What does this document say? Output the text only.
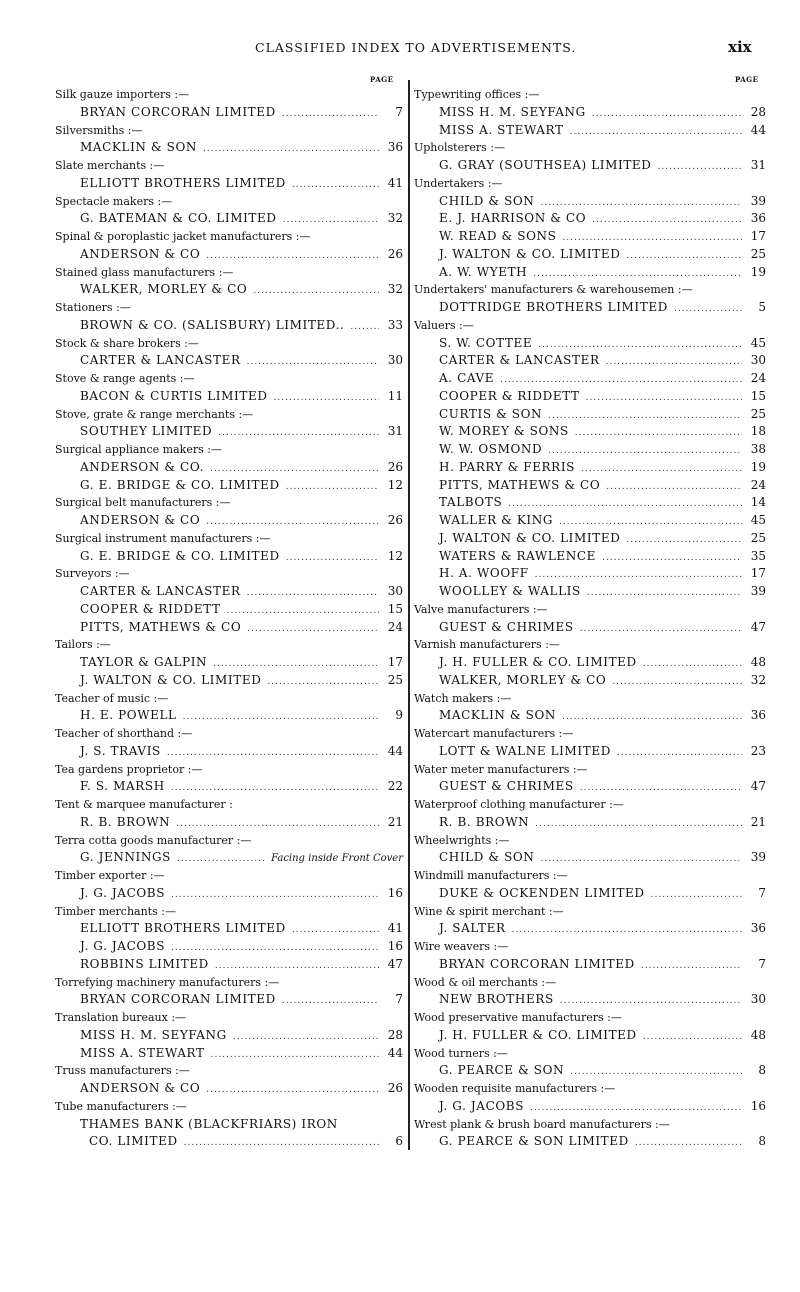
CLASSIFIED INDEX TO ADVERTISEMENTS.	xix
PAGE	PAGE
Silk gauze importers :—
BRYAN CORCORAN LIMITED .....	7
Silversmiths :—
MACKLIN & SON .....	36
Slate merchants :—
ELLIOTT BROTHERS LIMITED .....	41
Spectacle makers :—
G. BATEMAN & CO. LIMITED .....	32
Spinal & poroplastic jacket manufacturers :—
ANDERSON & CO .....	26
Stained glass manufacturers :—
WALKER, MORLEY & CO .....	32
Stationers :—
BROWN & CO. (SALISBURY) LIMITED.. .....	33
Stock & share brokers :—
CARTER & LANCASTER .....	30
Stove & range agents :—
BACON & CURTIS LIMITED .....	11
Stove, grate & range merchants :—
SOUTHEY LIMITED .....	31
Surgical appliance makers :—
ANDERSON & CO. .....	26
G. E. BRIDGE & CO. LIMITED .....	12
Surgical belt manufacturers :—
ANDERSON & CO .....	26
Surgical instrument manufacturers :—
G. E. BRIDGE & CO. LIMITED .....	12
Surveyors :—
CARTER & LANCASTER .....	30
COOPER & RIDDETT .....	15
PITTS, MATHEWS & CO .....	24
Tailors :—
TAYLOR & GALPIN .....	17
J. WALTON & CO. LIMITED .....	25
Teacher of music :—
H. E. POWELL .....	9
Teacher of shorthand :—
J. S. TRAVIS .....	44
Tea gardens proprietor :—
F. S. MARSH .....	22
Tent & marquee manufacturer :
R. B. BROWN .....	21
Terra cotta goods manufacturer :—
G. JENNINGS .....	Facing inside Front Cover
Timber exporter :—
J. G. JACOBS .....	16
Timber merchants :—
ELLIOTT BROTHERS LIMITED .....	41
J. G. JACOBS .....	16
ROBBINS LIMITED .....	47
Torrefying machinery manufacturers :—
BRYAN CORCORAN LIMITED .....	7
Translation bureaux :—
MISS H. M. SEYFANG .....	28
MISS A. STEWART .....	44
Truss manufacturers :—
ANDERSON & CO .....	26
Tube manufacturers :—
THAMES BANK (BLACKFRIARS) IRON
CO. LIMITED .....	6
Typewriting offices :—
MISS H. M. SEYFANG .....	28
MISS A. STEWART .....	44
Upholsterers :—
G. GRAY (SOUTHSEA) LIMITED .....	31
Undertakers :—
CHILD & SON .....	39
E. J. HARRISON & CO .....	36
W. READ & SONS .....	17
J. WALTON & CO. LIMITED .....	25
A. W. WYETH .....	19
Undertakers' manufacturers & warehousemen :—
DOTTRIDGE BROTHERS LIMITED .....	5
Valuers :—
S. W. COTTEE .....	45
CARTER & LANCASTER .....	30
A. CAVE .....	24
COOPER & RIDDETT .....	15
CURTIS & SON .....	25
W. MOREY & SONS .....	18
W. W. OSMOND .....	38
H. PARRY & FERRIS .....	19
PITTS, MATHEWS & CO .....	24
TALBOTS .....	14
WALLER & KING .....	45
J. WALTON & CO. LIMITED .....	25
WATERS & RAWLENCE .....	35
H. A. WOOFF .....	17
WOOLLEY & WALLIS .....	39
Valve manufacturers :—
GUEST & CHRIMES .....	47
Varnish manufacturers :—
J. H. FULLER & CO. LIMITED .....	48
WALKER, MORLEY & CO .....	32
Watch makers :—
MACKLIN & SON .....	36
Watercart manufacturers :—
LOTT & WALNE LIMITED .....	23
Water meter manufacturers :—
GUEST & CHRIMES .....	47
Waterproof clothing manufacturer :—
R. B. BROWN .....	21
Wheelwrights :—
CHILD & SON .....	39
Windmill manufacturers :—
DUKE & OCKENDEN LIMITED .....	7
Wine & spirit merchant :—
J. SALTER .....	36
Wire weavers :—
BRYAN CORCORAN LIMITED .....	7
Wood & oil merchants :—
NEW BROTHERS .....	30
Wood preservative manufacturers :—
J. H. FULLER & CO. LIMITED .....	48
Wood turners :—
G. PEARCE & SON .....	8
Wooden requisite manufacturers :—
J. G. JACOBS .....	16
Wrest plank & brush board manufacturers :—
G. PEARCE & SON LIMITED .....	8
